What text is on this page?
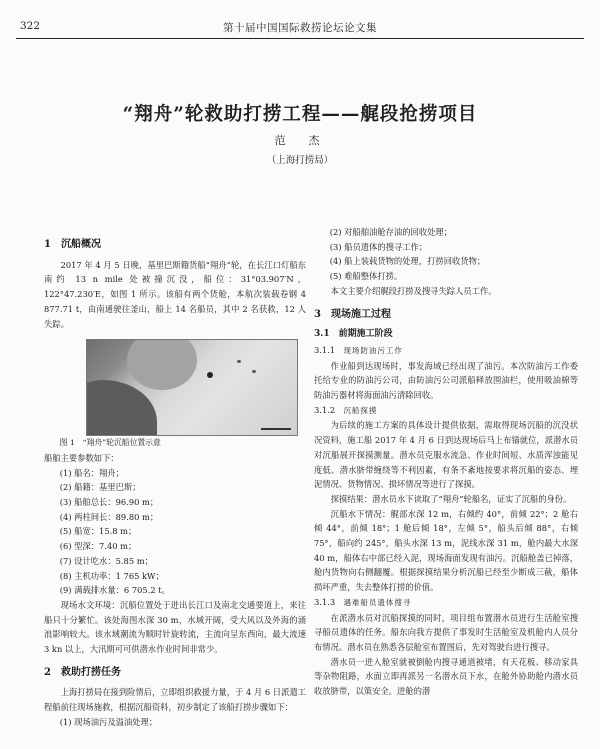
322	第十届中国国际救捞论坛论文集
“翔舟”轮救助打捞工程——艉段抢捞项目
范　杰
（上海打捞局）

1　沉船概况

2017 年 4 月 5 日晚，基里巴斯籍货船“翔舟”轮，在长江口灯船东南约 13 n mile 处被撞沉没，船位：31°03.907′N，122°47.230′E，如图 1 所示。该船有两个货舱，本航次装载卷钢 4 877.71 t，由南通驶往釜山，船上 14 名船员，其中 2 名获救，12 人失踪。

图 1　“翔舟”轮沉船位置示意

船舶主要参数如下：

(1) 船名：翔舟；

(2) 船籍：基里巴斯；

(3) 船舶总长：96.90 m；

(4) 两柱间长：89.80 m；

(5) 船宽：15.8 m；

(6) 型深：7.40 m；

(7) 设计吃水：5.85 m；

(8) 主机功率：1 765 kW；

(9) 满载排水量：6 705.2 t。

现场水文环境：沉船位置处于进出长江口及南北交通要道上，来往船只十分繁忙。该处海图水深 30 m，水域开阔，受大风以及外海的涌浪影响较大。该水域潮流为顺时针旋转流，主流向呈东西向，最大流速 3 kn 以上，大汛期可可供潜水作业时间非常少。

2　救助打捞任务

上海打捞局在接到险情后，立即组织救援力量，于 4 月 6 日派遣工程船前往现场施救，根据沉船资料，初步制定了该船打捞步骤如下：

(1) 现场油污及溢油处理；

(2) 对船舶油舱存油的回收处理；

(3) 船员遗体的搜寻工作；

(4) 船上装载货物的处理，打捞回收货物；

(5) 难船整体打捞。

本文主要介绍艉段打捞及搜寻失踪人员工作。

3　现场施工过程

3.1　前期施工阶段

3.1.1　 现场防油污工作

作业船到达现场时，事发海域已经出现了油污。本次防油污工作委托给专业的防油污公司，由防油污公司派船释放围油栏，使用吸油棉等防油污器材将海面油污清除回收。

3.1.2　 沉船探摸

为后续的施工方案的具体设计提供依据，需取得现场沉船的沉没状况资料，施工船 2017 年 4 月 6 日到达现场后马上布锚就位，派潜水员对沉船展开探摸测量。潜水员克服水流急、作业时间短、水质浑浊能见度低、潜水脐带缠绕等不利因素，有条不紊地按要求将沉船的姿态、埋泥情况、货物情况、损坏情况等进行了探摸。

探摸结果：潜水员水下读取了“翔舟”轮船名，证实了沉船的身份。

沉船水下情况：艉部水深 12 m，右倾约 40°，前倾 22°；2 舱右倾 44°，前倾 18°；1 舱后倾 18°，左倾 5°，船头后倾 88°，右倾 75°，船向约 245°，船头水深 13 m，泥线水深 31 m，舱内最大水深 40 m，船体右中部已经入泥，现场海面发现有油污。沉船舱盖已掉落，舱内货物向右侧翻覆。根据探摸结果分析沉船已经至少断成三截，船体损坏严重，失去整体打捞的价值。

3.1.3　 遇难船员遗体搜寻

在派潜水员对沉船探摸的同时，项目组布置潜水员进行生活舱室搜寻船员遗体的任务。船东向我方提供了事发时生活舱室及机舱内人员分布情况。潜水员在熟悉各层舱室布置图后，先对驾驶台进行搜寻。

潜水员一进入舱室就被倒舱内搜寻通道被堵，有天花板、移动家具等杂物阻路，水面立即再派另一名潜水员下水，在舱外协助舱内潜水员收放脐带，以策安全。进舱的潜
